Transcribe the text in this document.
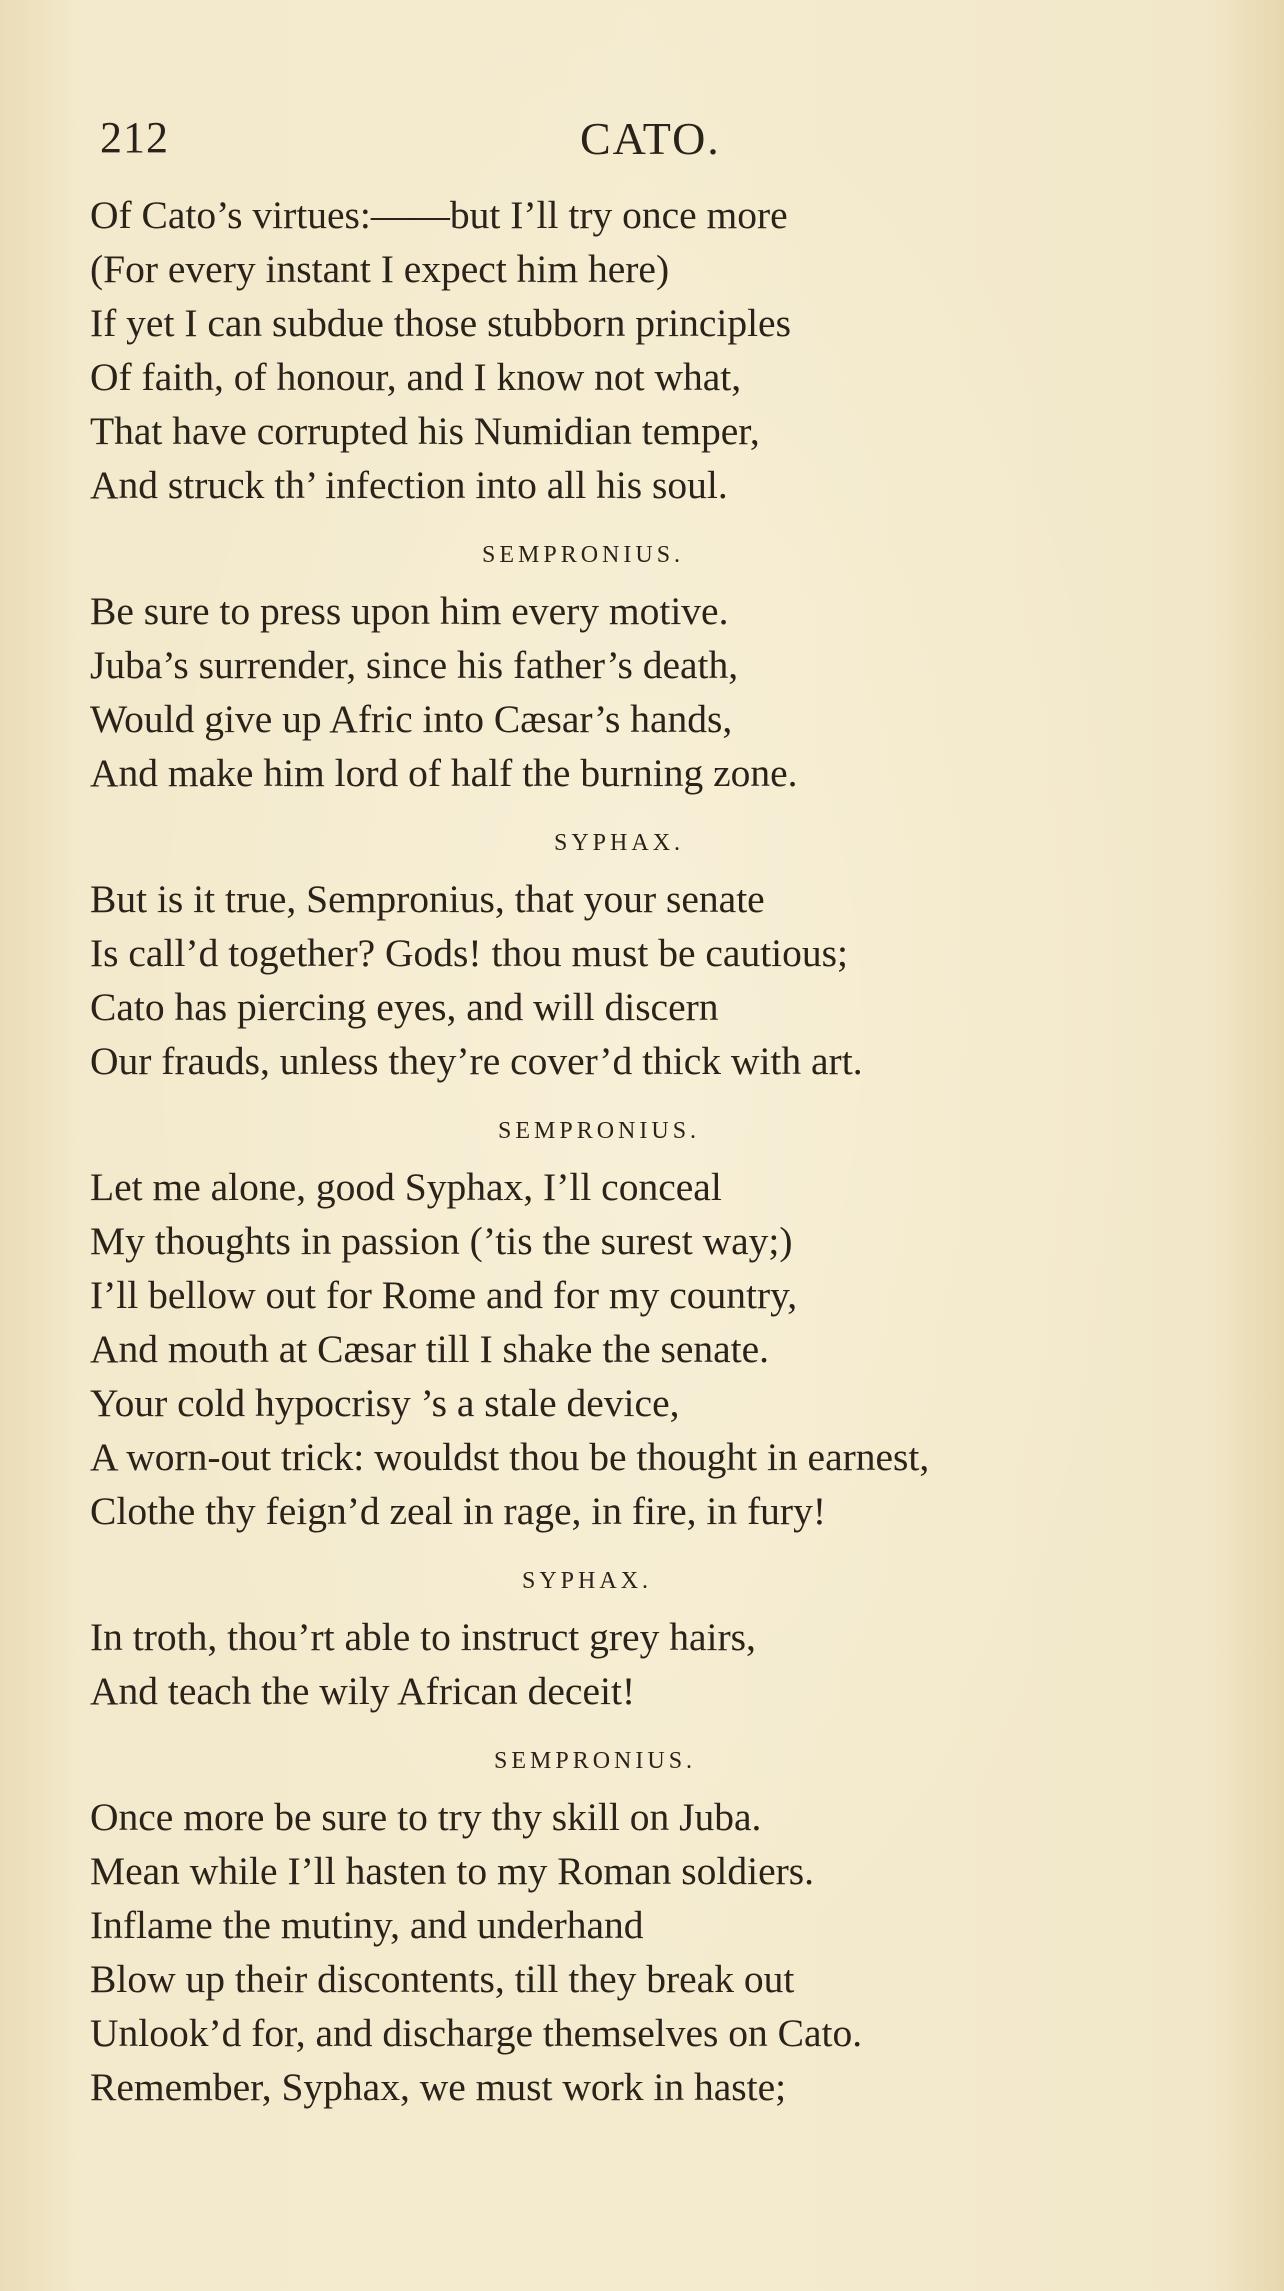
212	CATO.
Of Cato’s virtues:——but I’ll try once more
(For every instant I expect him here)
If yet I can subdue those stubborn principles
Of faith, of honour, and I know not what,
That have corrupted his Numidian temper,
And struck th’ infection into all his soul.
SEMPRONIUS.
Be sure to press upon him every motive.
Juba’s surrender, since his father’s death,
Would give up Afric into Cæsar’s hands,
And make him lord of half the burning zone.
SYPHAX.
But is it true, Sempronius, that your senate
Is call’d together? Gods! thou must be cautious;
Cato has piercing eyes, and will discern
Our frauds, unless they’re cover’d thick with art.
SEMPRONIUS.
Let me alone, good Syphax, I’ll conceal
My thoughts in passion (’tis the surest way;)
I’ll bellow out for Rome and for my country,
And mouth at Cæsar till I shake the senate.
Your cold hypocrisy ’s a stale device,
A worn-out trick: wouldst thou be thought in earnest,
Clothe thy feign’d zeal in rage, in fire, in fury!
SYPHAX.
In troth, thou’rt able to instruct grey hairs,
And teach the wily African deceit!
SEMPRONIUS.
Once more be sure to try thy skill on Juba.
Mean while I’ll hasten to my Roman soldiers.
Inflame the mutiny, and underhand
Blow up their discontents, till they break out
Unlook’d for, and discharge themselves on Cato.
Remember, Syphax, we must work in haste;
